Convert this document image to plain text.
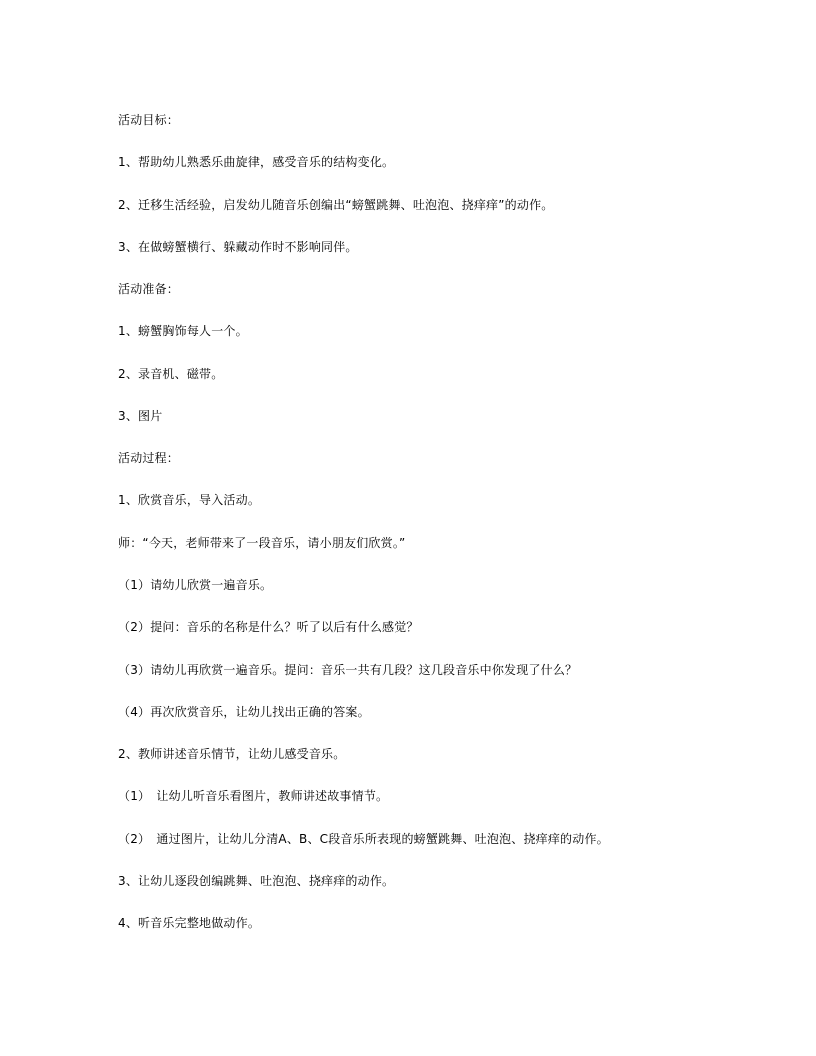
活动目标：
1、帮助幼儿熟悉乐曲旋律，感受音乐的结构变化。
2、迁移生活经验，启发幼儿随音乐创编出“螃蟹跳舞、吐泡泡、挠痒痒”的动作。
3、在做螃蟹横行、躲藏动作时不影响同伴。
活动准备：
1、螃蟹胸饰每人一个。
2、录音机、磁带。
3、图片
活动过程：
1、欣赏音乐，导入活动。
师：“今天，老师带来了一段音乐，请小朋友们欣赏。”
（1）请幼儿欣赏一遍音乐。
（2）提问：音乐的名称是什么？听了以后有什么感觉？
（3）请幼儿再欣赏一遍音乐。提问：音乐一共有几段？这几段音乐中你发现了什么？
（4）再次欣赏音乐，让幼儿找出正确的答案。
2、教师讲述音乐情节，让幼儿感受音乐。
（1）　让幼儿听音乐看图片，教师讲述故事情节。
（2）　通过图片，让幼儿分清A、B、C段音乐所表现的螃蟹跳舞、吐泡泡、挠痒痒的动作。
3、让幼儿逐段创编跳舞、吐泡泡、挠痒痒的动作。
4、听音乐完整地做动作。
